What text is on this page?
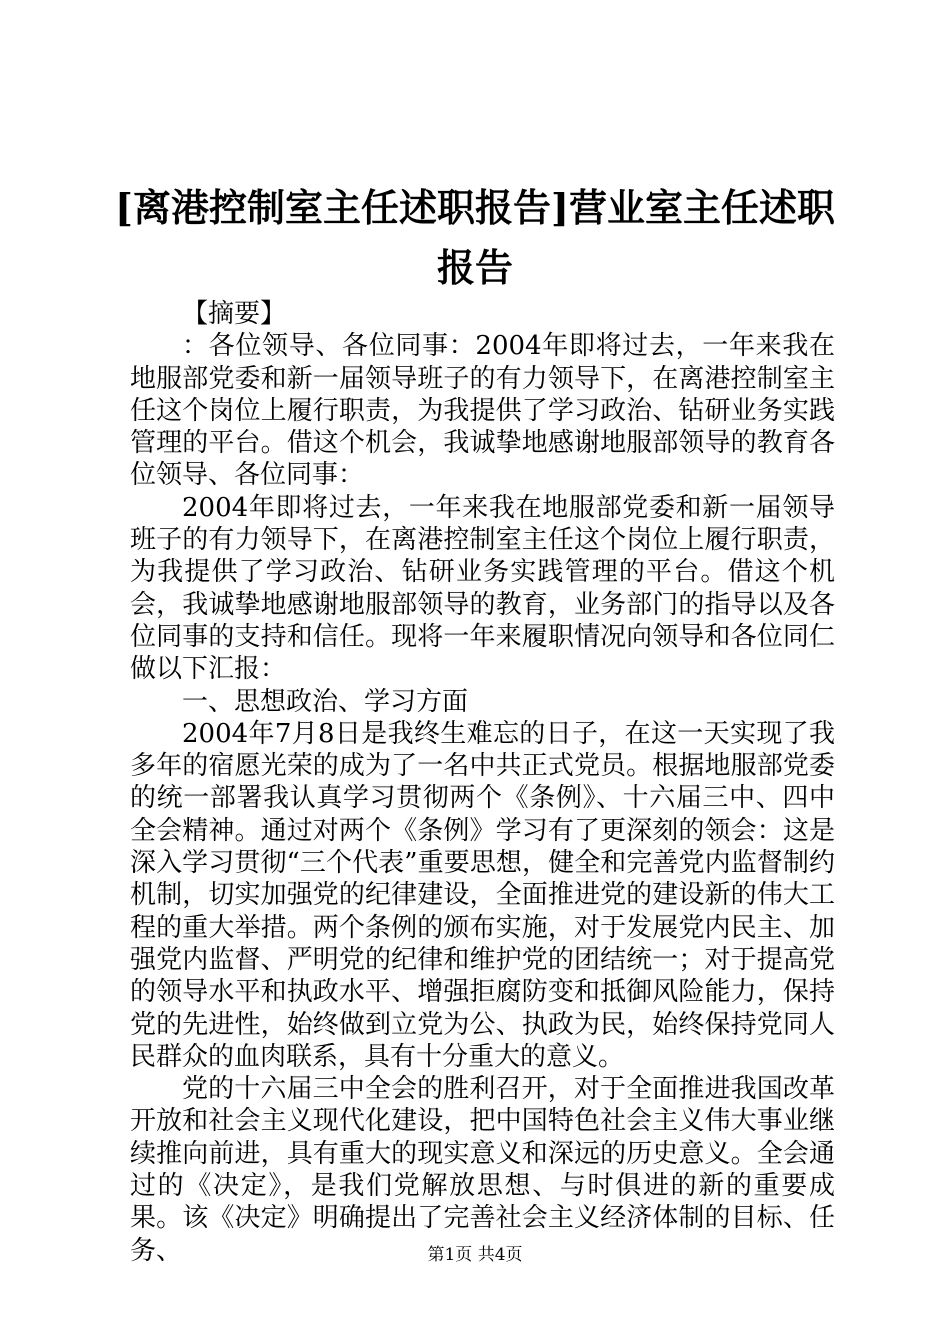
[离港控制室主任述职报告]营业室主任述职报告

【摘要】

：各位领导、各位同事：2004年即将过去，一年来我在地服部党委和新一届领导班子的有力领导下，在离港控制室主任这个岗位上履行职责，为我提供了学习政治、钻研业务实践管理的平台。借这个机会，我诚挚地感谢地服部领导的教育各位领导、各位同事：

2004年即将过去，一年来我在地服部党委和新一届领导班子的有力领导下，在离港控制室主任这个岗位上履行职责，为我提供了学习政治、钻研业务实践管理的平台。借这个机会，我诚挚地感谢地服部领导的教育，业务部门的指导以及各位同事的支持和信任。现将一年来履职情况向领导和各位同仁做以下汇报：

一、思想政治、学习方面

2004年7月8日是我终生难忘的日子，在这一天实现了我多年的宿愿光荣的成为了一名中共正式党员。根据地服部党委的统一部署我认真学习贯彻两个《条例》、十六届三中、四中全会精神。通过对两个《条例》学习有了更深刻的领会：这是深入学习贯彻“三个代表”重要思想，健全和完善党内监督制约机制，切实加强党的纪律建设，全面推进党的建设新的伟大工程的重大举措。两个条例的颁布实施，对于发展党内民主、加强党内监督、严明党的纪律和维护党的团结统一；对于提高党的领导水平和执政水平、增强拒腐防变和抵御风险能力，保持党的先进性，始终做到立党为公、执政为民，始终保持党同人民群众的血肉联系，具有十分重大的意义。

党的十六届三中全会的胜利召开，对于全面推进我国改革开放和社会主义现代化建设，把中国特色社会主义伟大事业继续推向前进，具有重大的现实意义和深远的历史意义。全会通过的《决定》，是我们党解放思想、与时俱进的新的重要成果。该《决定》明确提出了完善社会主义经济体制的目标、任务、	第1页 共4页
